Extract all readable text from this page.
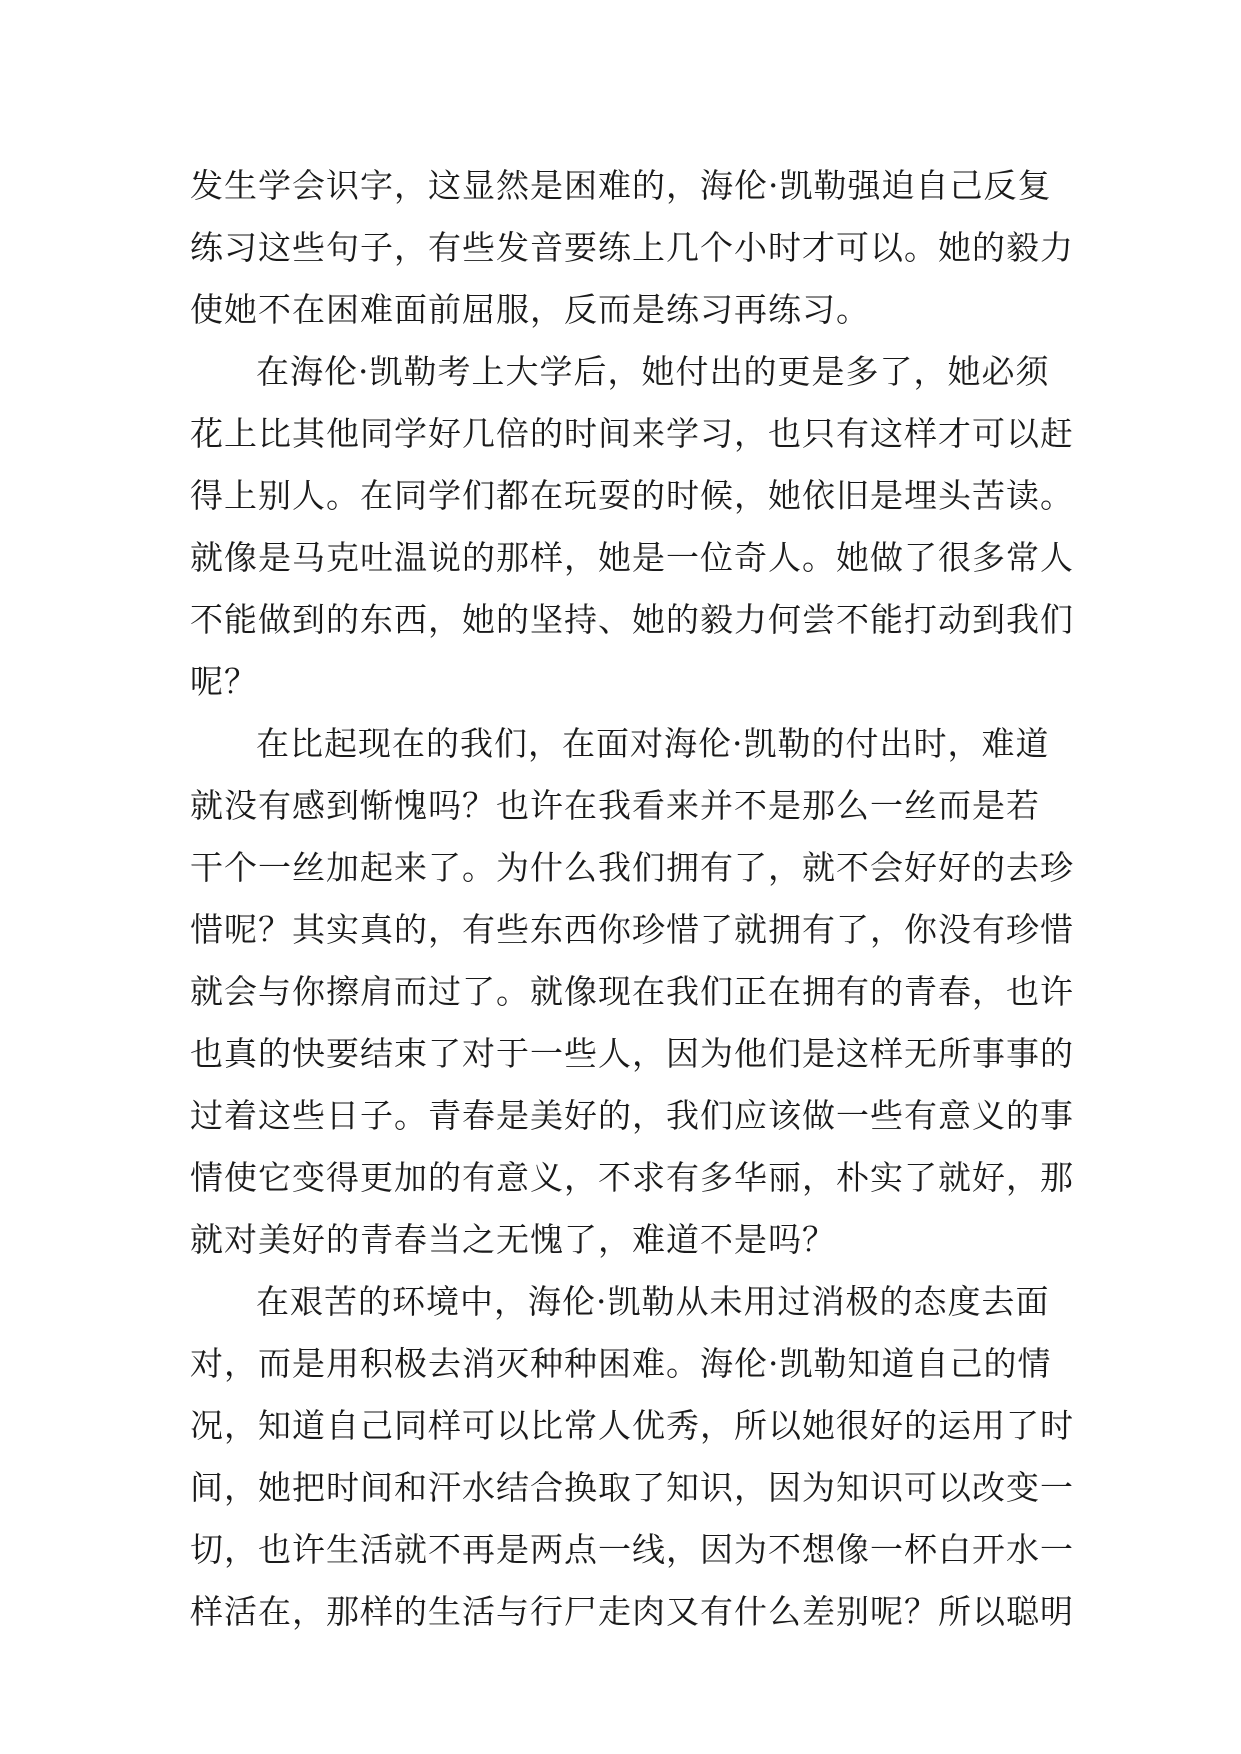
发生学会识字，这显然是困难的，海伦·凯勒强迫自己反复
练习这些句子，有些发音要练上几个小时才可以。她的毅力
使她不在困难面前屈服，反而是练习再练习。
在海伦·凯勒考上大学后，她付出的更是多了，她必须
花上比其他同学好几倍的时间来学习，也只有这样才可以赶
得上别人。在同学们都在玩耍的时候，她依旧是埋头苦读。
就像是马克吐温说的那样，她是一位奇人。她做了很多常人
不能做到的东西，她的坚持、她的毅力何尝不能打动到我们
呢？
在比起现在的我们，在面对海伦·凯勒的付出时，难道
就没有感到惭愧吗？也许在我看来并不是那么一丝而是若
干个一丝加起来了。为什么我们拥有了，就不会好好的去珍
惜呢？其实真的，有些东西你珍惜了就拥有了，你没有珍惜
就会与你擦肩而过了。就像现在我们正在拥有的青春，也许
也真的快要结束了对于一些人，因为他们是这样无所事事的
过着这些日子。青春是美好的，我们应该做一些有意义的事
情使它变得更加的有意义，不求有多华丽，朴实了就好，那
就对美好的青春当之无愧了，难道不是吗？
在艰苦的环境中，海伦·凯勒从未用过消极的态度去面
对，而是用积极去消灭种种困难。海伦·凯勒知道自己的情
况，知道自己同样可以比常人优秀，所以她很好的运用了时
间，她把时间和汗水结合换取了知识，因为知识可以改变一
切，也许生活就不再是两点一线，因为不想像一杯白开水一
样活在，那样的生活与行尸走肉又有什么差别呢？所以聪明
